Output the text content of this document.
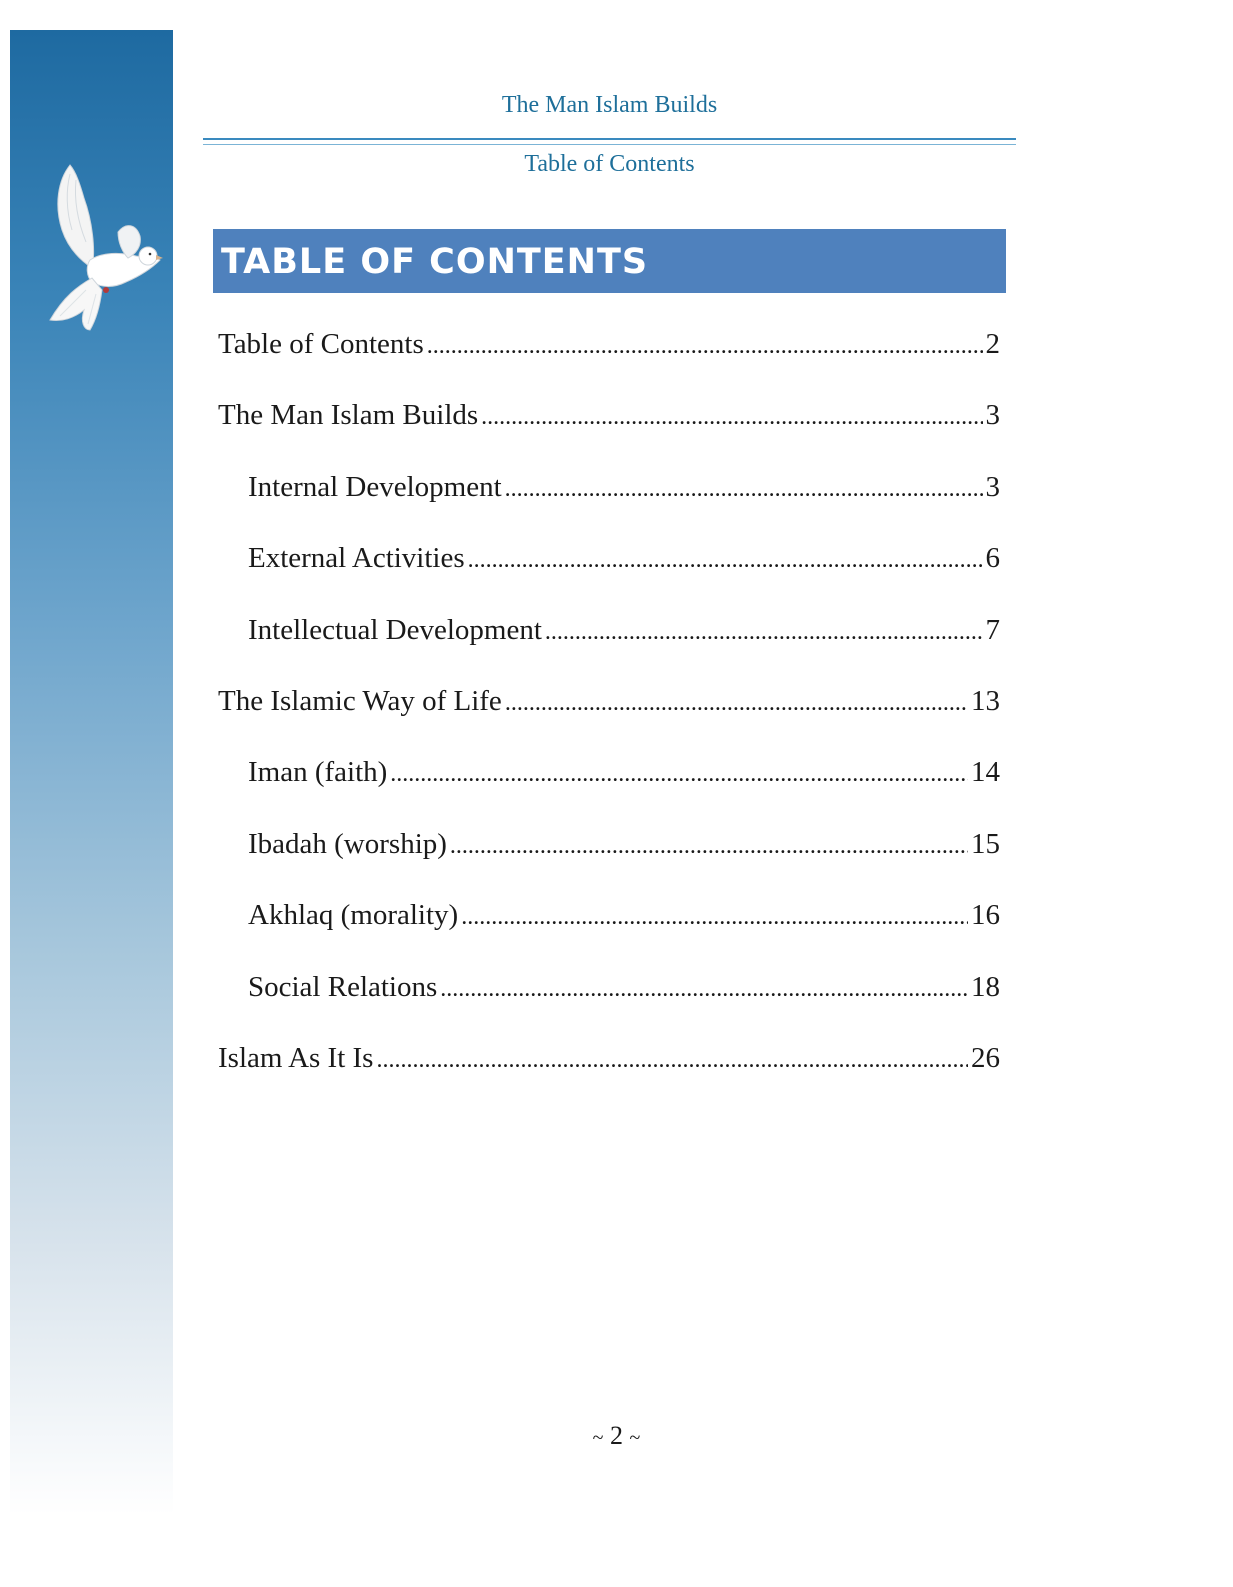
The Man Islam Builds
Table of Contents
TABLE OF CONTENTS
Table of Contents .....	2
The Man Islam Builds .....	3
Internal Development .....	3
External Activities .....	6
Intellectual Development .....	7
The Islamic Way of Life .....	13
Iman (faith) .....	14
Ibadah (worship) .....	15
Akhlaq (morality) .....	16
Social Relations .....	18
Islam As It Is .....	26
~ 2 ~
